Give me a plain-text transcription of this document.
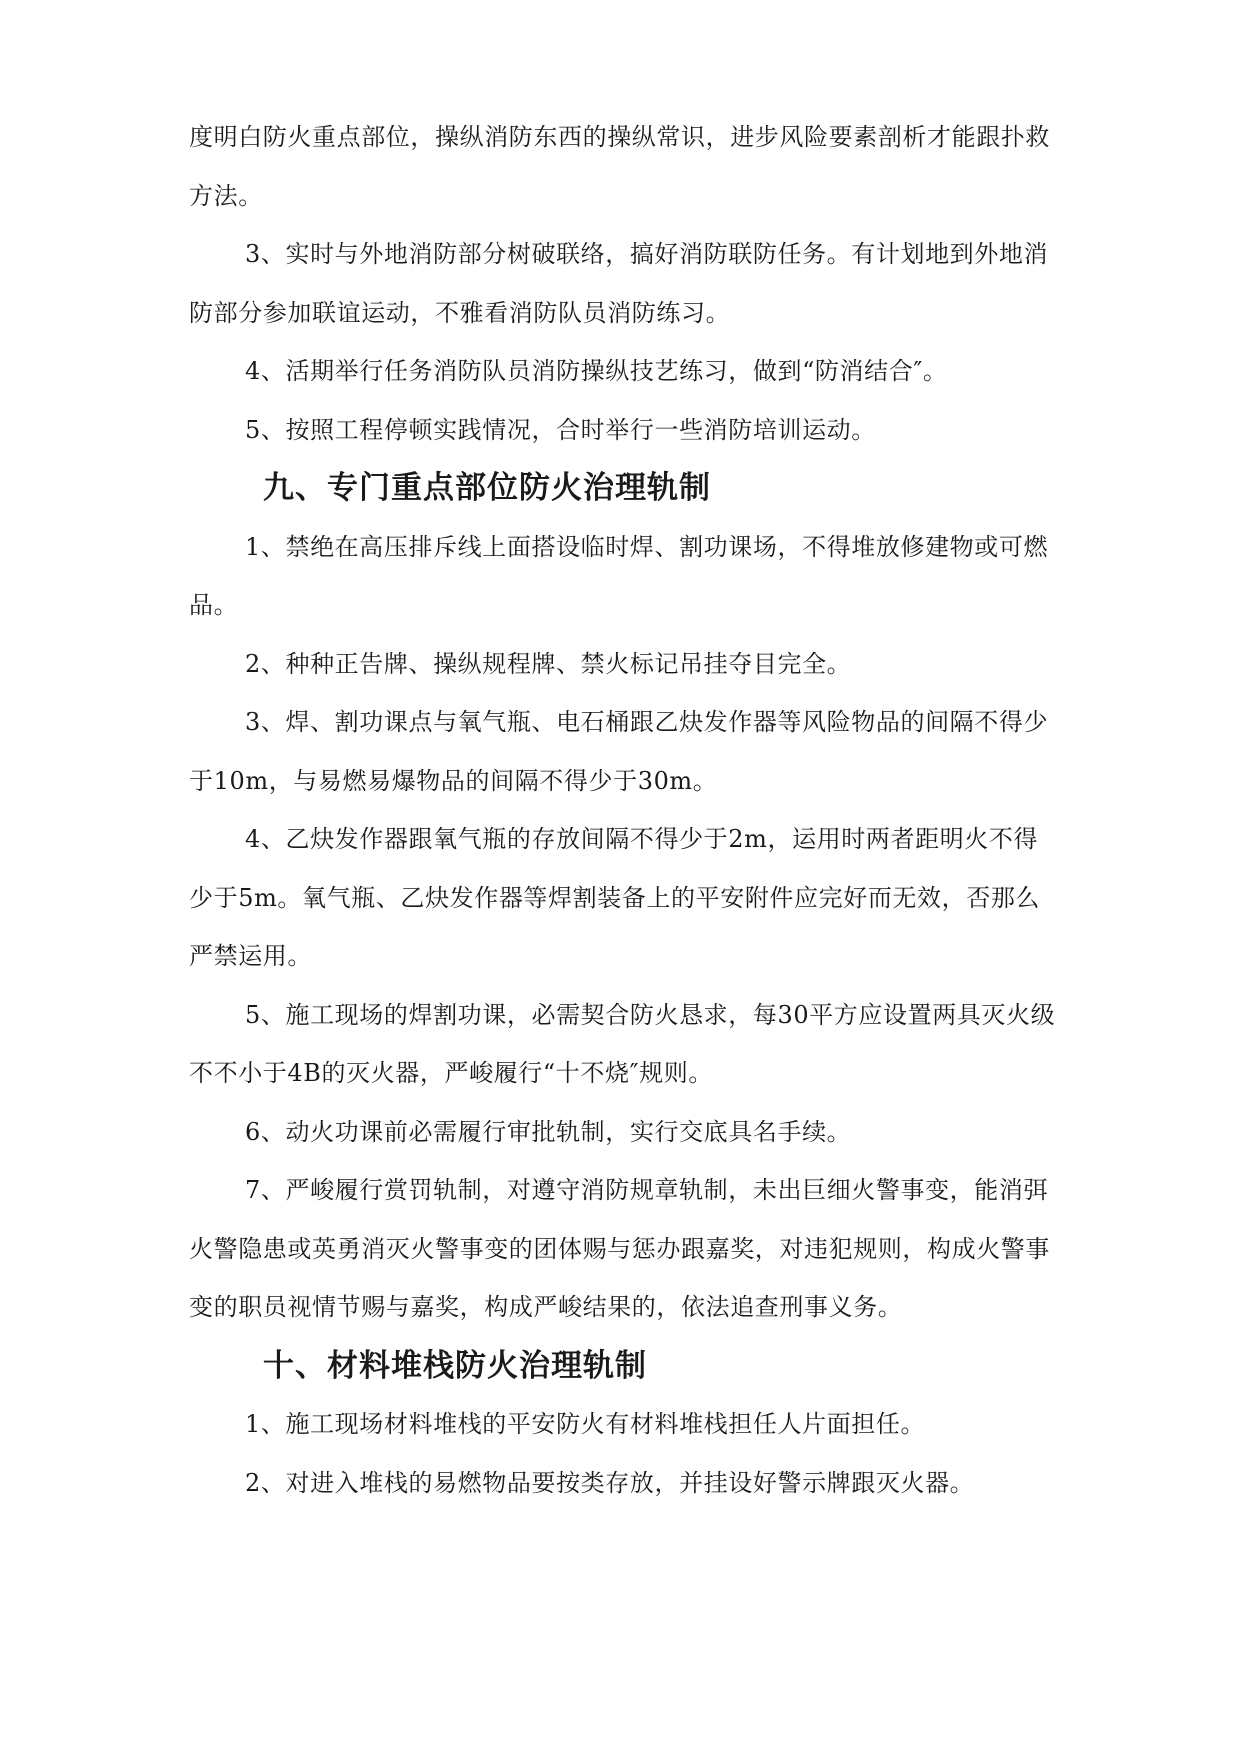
度明白防火重点部位，操纵消防东西的操纵常识，进步风险要素剖析才能跟扑救方法。

3、实时与外地消防部分树破联络，搞好消防联防任务。有计划地到外地消防部分参加联谊运动，不雅看消防队员消防练习。

4、活期举行任务消防队员消防操纵技艺练习，做到“防消结合″。

5、按照工程停顿实践情况，合时举行一些消防培训运动。

九、专门重点部位防火治理轨制

1、禁绝在高压排斥线上面搭设临时焊、割功课场，不得堆放修建物或可燃品。

2、种种正告牌、操纵规程牌、禁火标记吊挂夺目完全。

3、焊、割功课点与氧气瓶、电石桶跟乙炔发作器等风险物品的间隔不得少于10m，与易燃易爆物品的间隔不得少于30m。

4、乙炔发作器跟氧气瓶的存放间隔不得少于2m，运用时两者距明火不得少于5m。氧气瓶、乙炔发作器等焊割装备上的平安附件应完好而无效，否那么严禁运用。

5、施工现场的焊割功课，必需契合防火恳求，每30平方应设置两具灭火级不不小于4B的灭火器，严峻履行“十不烧″规则。

6、动火功课前必需履行审批轨制，实行交底具名手续。

7、严峻履行赏罚轨制，对遵守消防规章轨制，未出巨细火警事变，能消弭火警隐患或英勇消灭火警事变的团体赐与惩办跟嘉奖，对违犯规则，构成火警事变的职员视情节赐与嘉奖，构成严峻结果的，依法追查刑事义务。

十、材料堆栈防火治理轨制

1、施工现场材料堆栈的平安防火有材料堆栈担任人片面担任。

2、对进入堆栈的易燃物品要按类存放，并挂设好警示牌跟灭火器。
